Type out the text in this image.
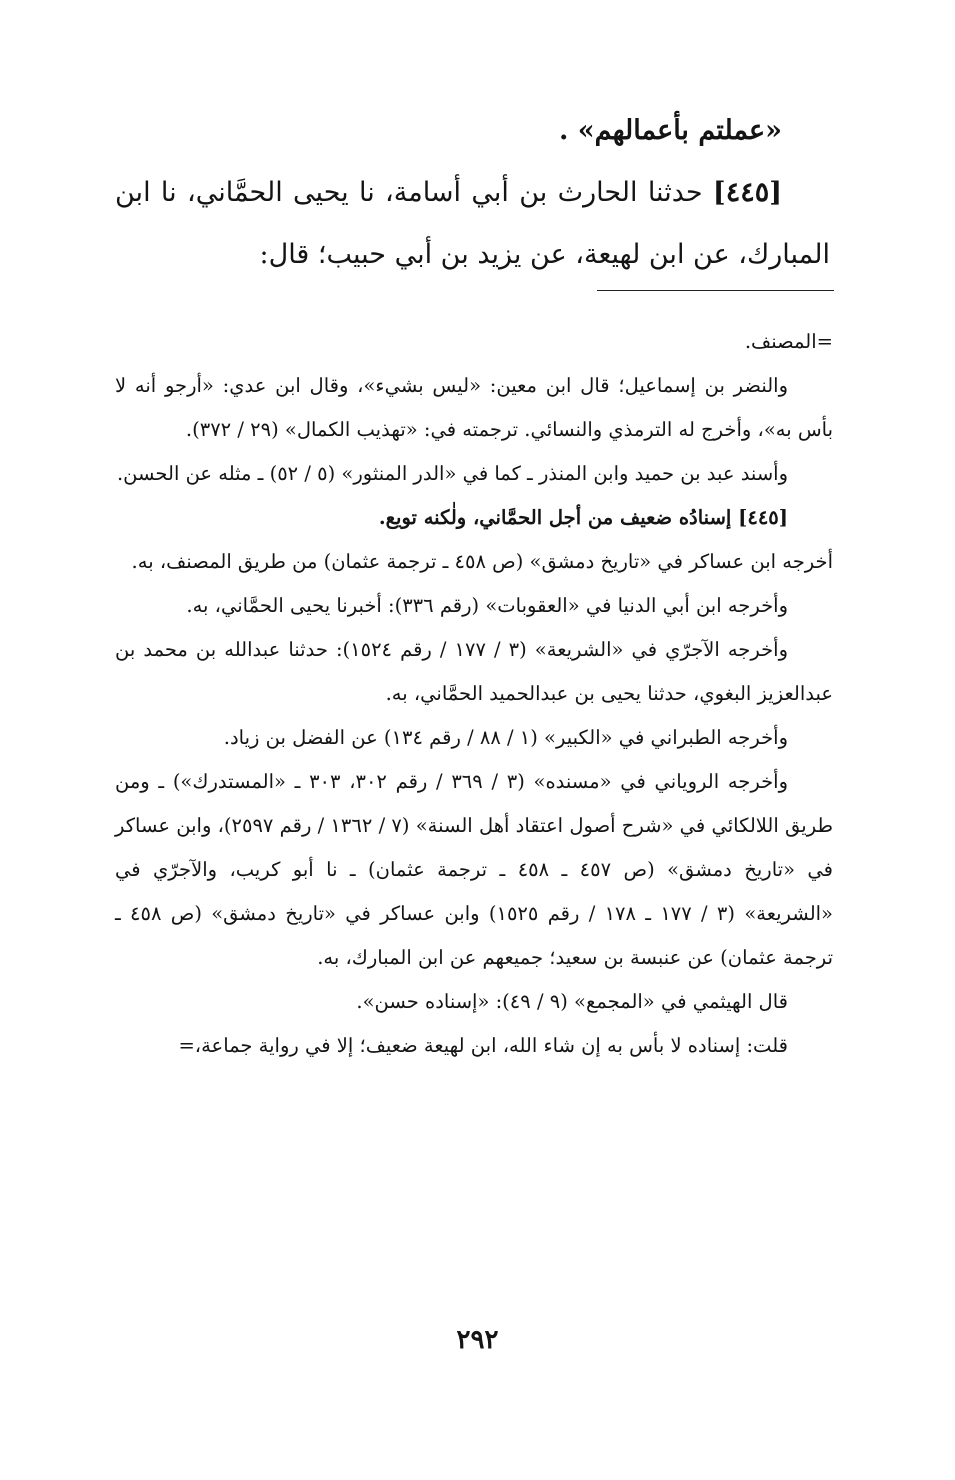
«عملتم بأعمالهم» .

[٤٤٥] حدثنا الحارث بن أبي أسامة، نا يحيى الحمَّاني، نا ابن المبارك، عن ابن لهيعة، عن يزيد بن أبي حبيب؛ قال:

=المصنف.

والنضر بن إسماعيل؛ قال ابن معين: «ليس بشيء»، وقال ابن عدي: «أرجو أنه لا بأس به»، وأخرج له الترمذي والنسائي. ترجمته في: «تهذيب الكمال» (٢٩ / ٣٧٢).

وأسند عبد بن حميد وابن المنذر ـ كما في «الدر المنثور» (٥ / ٥٢) ـ مثله عن الحسن.

[٤٤٥] إسنادُه ضعيف من أجل الحمَّاني، ولٰكنه تويع.

أخرجه ابن عساكر في «تاريخ دمشق» (ص ٤٥٨ ـ ترجمة عثمان) من طريق المصنف، به.

وأخرجه ابن أبي الدنيا في «العقوبات» (رقم ٣٣٦): أخبرنا يحيى الحمَّاني، به.

وأخرجه الآجرّي في «الشريعة» (٣ / ١٧٧ / رقم ١٥٢٤): حدثنا عبدالله بن محمد بن عبدالعزيز البغوي، حدثنا يحيى بن عبدالحميد الحمَّاني، به.

وأخرجه الطبراني في «الكبير» (١ / ٨٨ / رقم ١٣٤) عن الفضل بن زياد.

وأخرجه الروياني في «مسنده» (٣ / ٣٦٩ / رقم ٣٠٢، ٣٠٣ ـ «المستدرك») ـ ومن طريق اللالكائي في «شرح أصول اعتقاد أهل السنة» (٧ / ١٣٦٢ / رقم ٢٥٩٧)، وابن عساكر في «تاريخ دمشق» (ص ٤٥٧ ـ ٤٥٨ ـ ترجمة عثمان) ـ نا أبو كريب، والآجرّي في «الشريعة» (٣ / ١٧٧ ـ ١٧٨ / رقم ١٥٢٥) وابن عساكر في «تاريخ دمشق» (ص ٤٥٨ ـ ترجمة عثمان) عن عنبسة بن سعيد؛ جميعهم عن ابن المبارك، به.

قال الهيثمي في «المجمع» (٩ / ٤٩): «إسناده حسن».

قلت: إسناده لا بأس به إن شاء الله، ابن لهيعة ضعيف؛ إلا في رواية جماعة،=

٢٩٢
